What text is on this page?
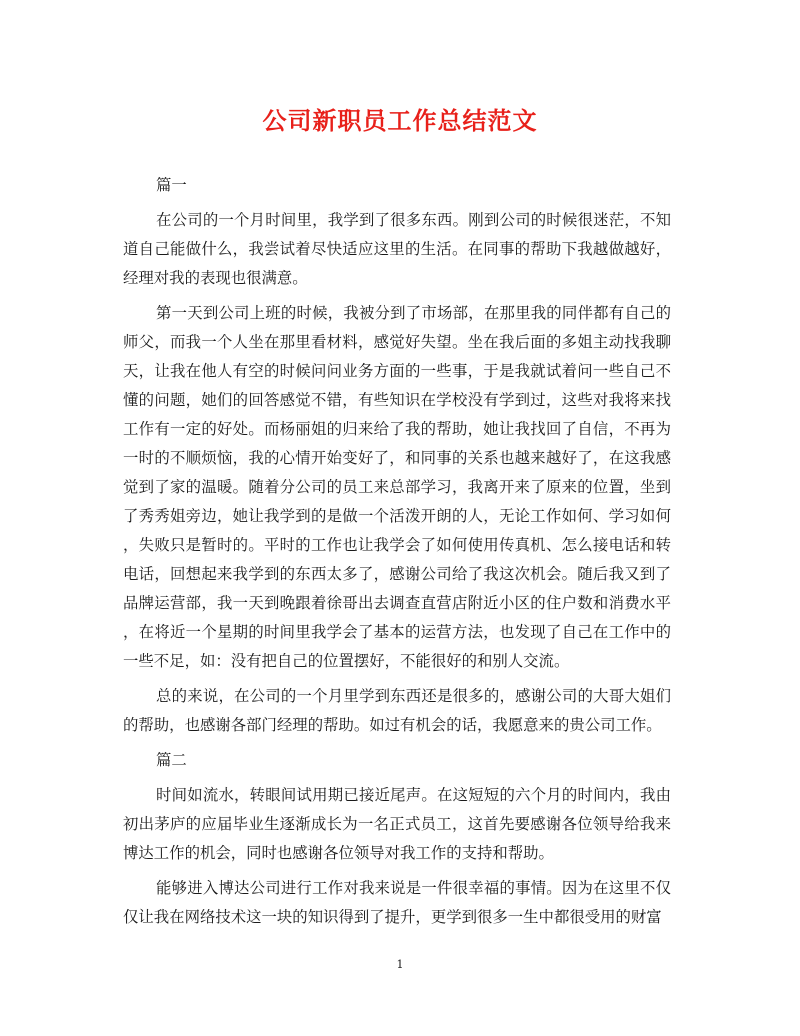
公司新职员工作总结范文
篇一

在公司的一个月时间里，我学到了很多东西。刚到公司的时候很迷茫，不知道自己能做什么，我尝试着尽快适应这里的生活。在同事的帮助下我越做越好，经理对我的表现也很满意。

第一天到公司上班的时候，我被分到了市场部，在那里我的同伴都有自己的师父，而我一个人坐在那里看材料，感觉好失望。坐在我后面的多姐主动找我聊天，让我在他人有空的时候问问业务方面的一些事，于是我就试着问一些自己不懂的问题，她们的回答感觉不错，有些知识在学校没有学到过，这些对我将来找工作有一定的好处。而杨丽姐的归来给了我的帮助，她让我找回了自信，不再为一时的不顺烦恼，我的心情开始变好了，和同事的关系也越来越好了，在这我感觉到了家的温暖。随着分公司的员工来总部学习，我离开来了原来的位置，坐到了秀秀姐旁边，她让我学到的是做一个活泼开朗的人，无论工作如何、学习如何，失败只是暂时的。平时的工作也让我学会了如何使用传真机、怎么接电话和转电话，回想起来我学到的东西太多了，感谢公司给了我这次机会。随后我又到了品牌运营部，我一天到晚跟着徐哥出去调查直营店附近小区的住户数和消费水平，在将近一个星期的时间里我学会了基本的运营方法，也发现了自己在工作中的一些不足，如：没有把自己的位置摆好，不能很好的和别人交流。

总的来说，在公司的一个月里学到东西还是很多的，感谢公司的大哥大姐们的帮助，也感谢各部门经理的帮助。如过有机会的话，我愿意来的贵公司工作。

篇二

时间如流水，转眼间试用期已接近尾声。在这短短的六个月的时间内，我由初出茅庐的应届毕业生逐渐成长为一名正式员工，这首先要感谢各位领导给我来博达工作的机会，同时也感谢各位领导对我工作的支持和帮助。

能够进入博达公司进行工作对我来说是一件很幸福的事情。因为在这里不仅仅让我在网络技术这一块的知识得到了提升，更学到很多一生中都很受用的财富

1
